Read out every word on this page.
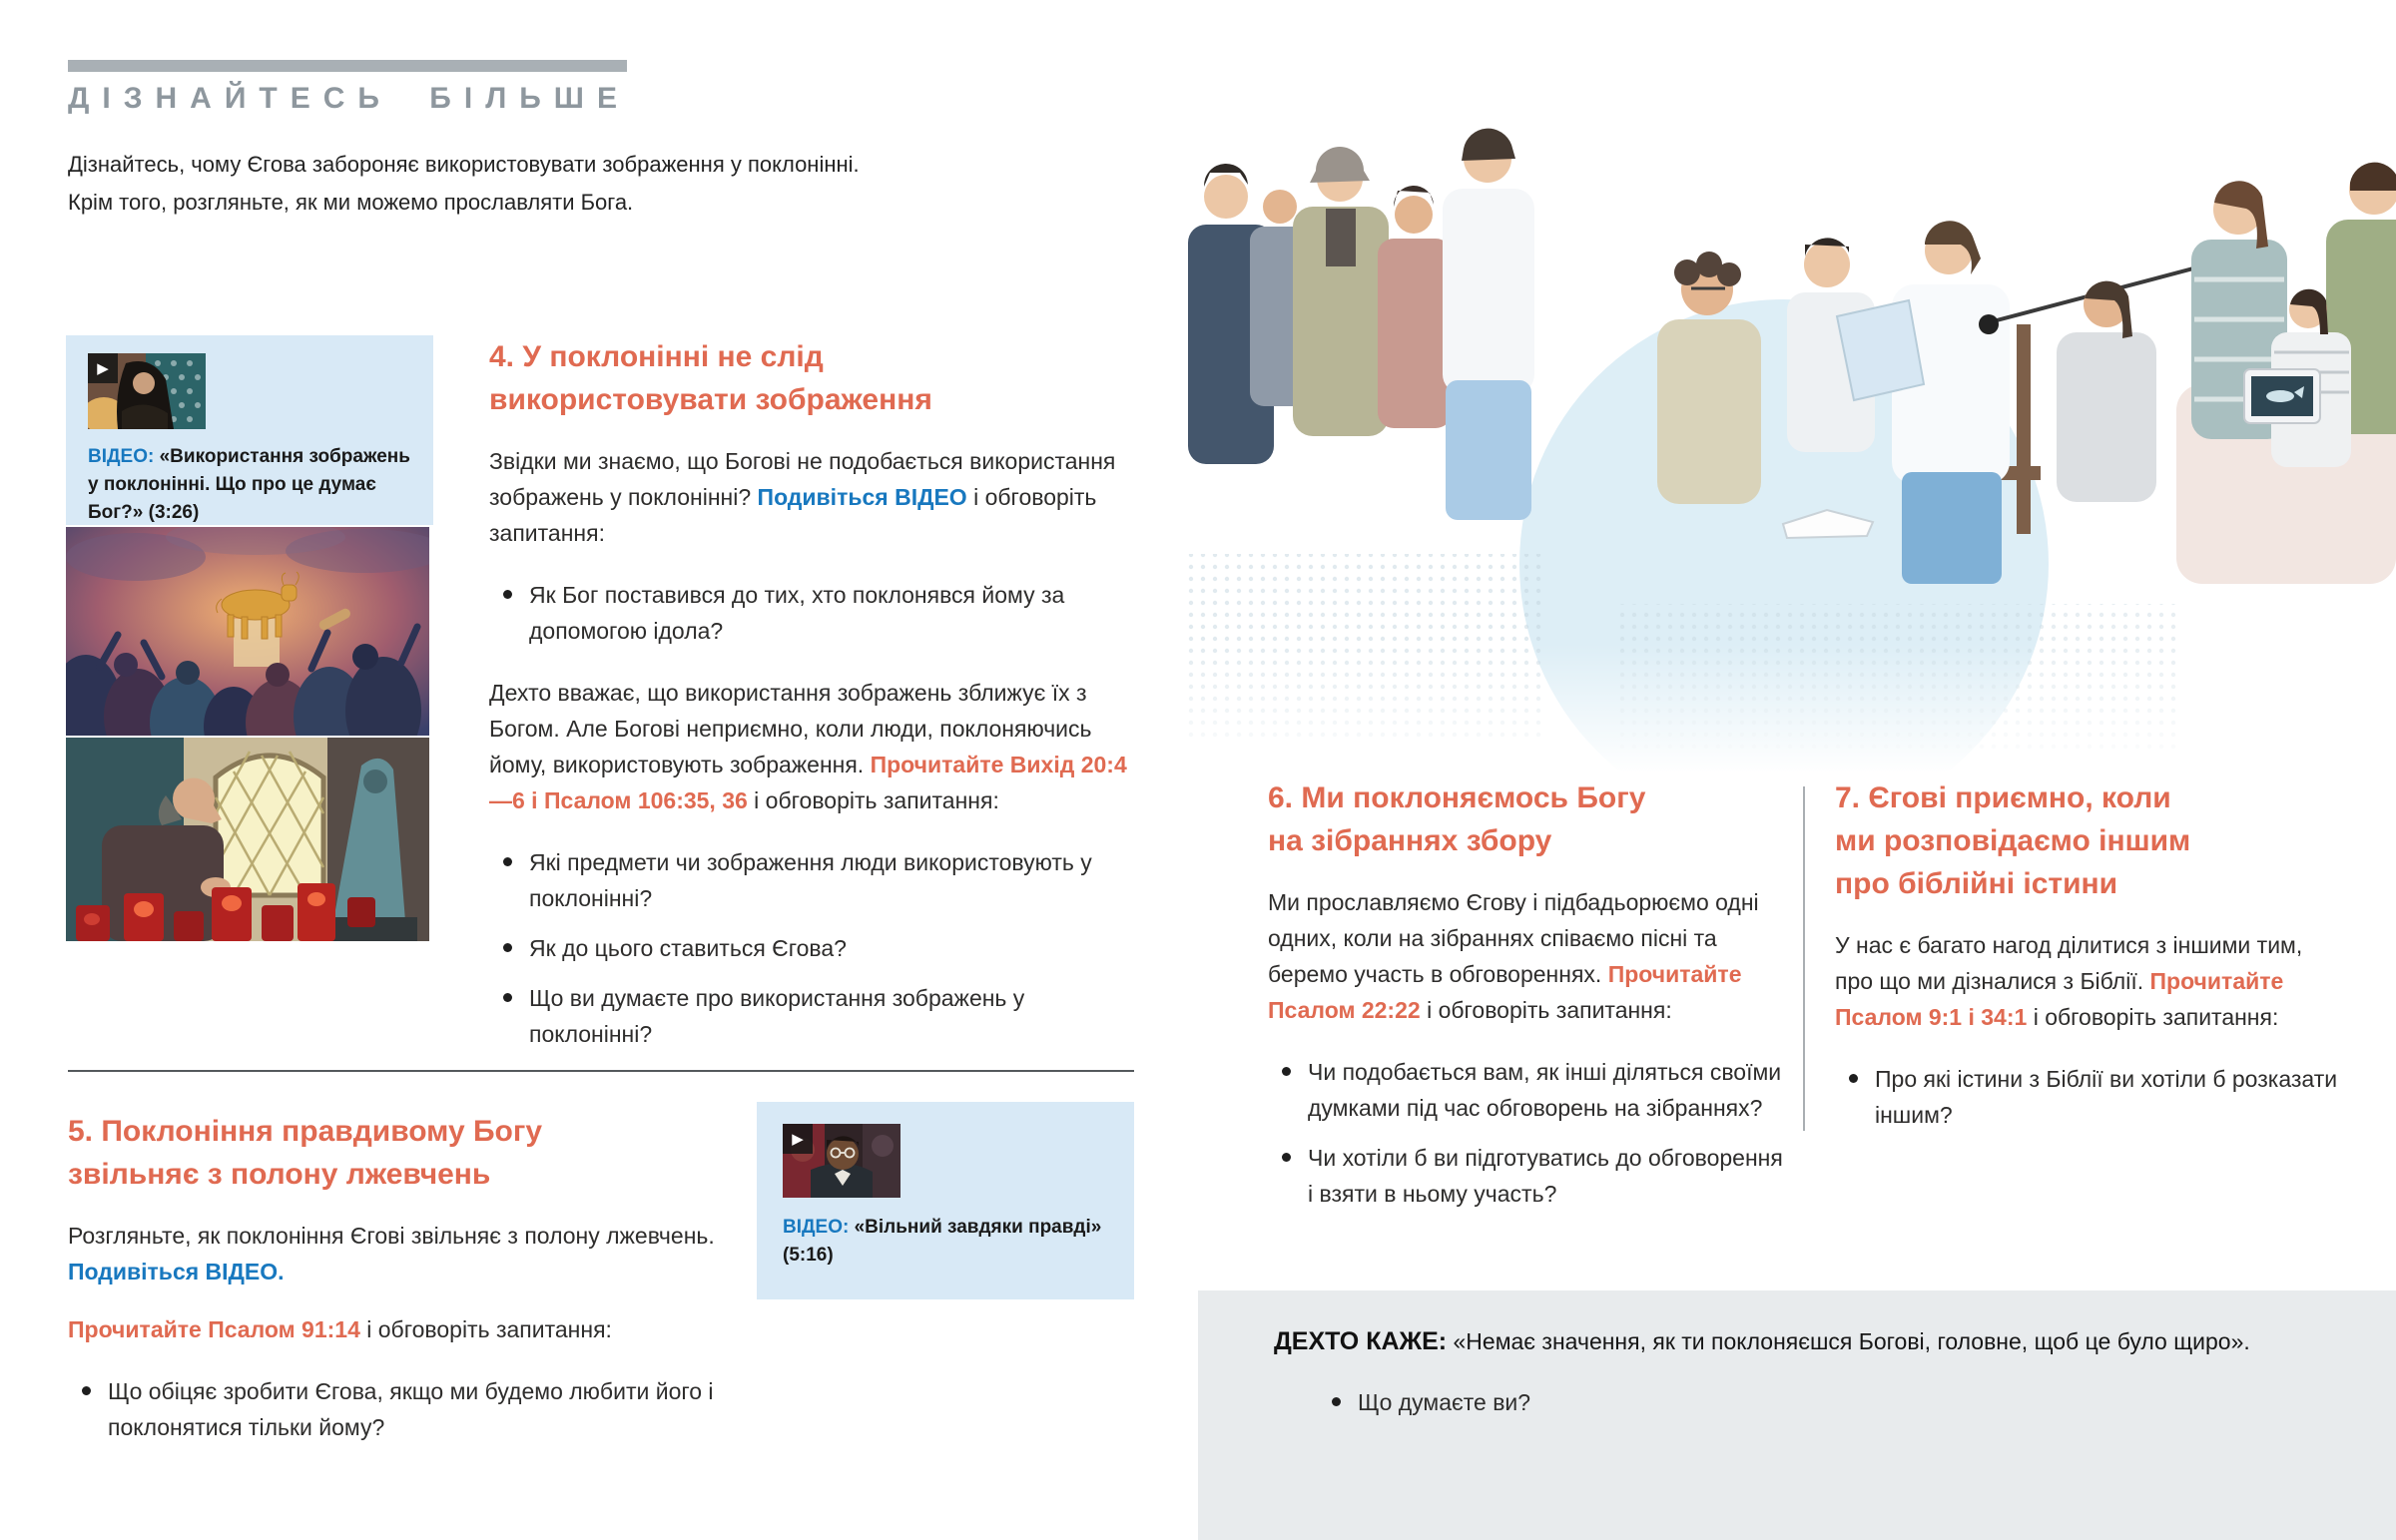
ДІЗНАЙТЕСЬ БІЛЬШЕ
Дізнайтесь, чому Єгова забороняє використовувати зображення у поклонінні.
Крім того, розгляньте, як ми можемо прославляти Бога.
▶
ВІДЕО: «Використання зображень у поклонінні. Що про це думає Бог?» (3:26)
4. У поклонінні не слід
використовувати зображення

Звідки ми знаємо, що Богові не подобається використання зображень у поклонінні? Подивіться ВІДЕО і обговоріть запитання:

Як Бог поставився до тих, хто поклонявся йому за допомогою ідола?

Дехто вважає, що використання зображень зближує їх з Богом. Але Богові неприємно, коли люди, поклоняючись йому, використовують зображення. Прочитайте Вихід 20:4—6 і Псалом 106:35, 36 і обговоріть запитання:

Які предмети чи зображення люди використовують у поклонінні?
Як до цього ставиться Єгова?
Що ви думаєте про використання зображень у поклонінні?
6. Ми поклоняємось Богу
на зібраннях збору

Ми прославляємо Єгову і підбадьорюємо одні одних, коли на зібраннях співаємо пісні та беремо участь в обговореннях. Прочитайте Псалом 22:22 і обговоріть запитання:

Чи подобається вам, як інші діляться своїми думками під час обговорень на зібраннях?
Чи хотіли б ви підготуватись до обговорення і взяти в ньому участь?
7. Єгові приємно, коли
ми розповідаємо іншим
про біблійні істини

У нас є багато нагод ділитися з іншими тим, про що ми дізналися з Біблії. Прочитайте Псалом 9:1 і 34:1 і обговоріть запитання:

Про які істини з Біблії ви хотіли б розказати іншим?
5. Поклоніння правдивому Богу
звільняє з полону лжевчень

Розгляньте, як поклоніння Єгові звільняє з полону лжевчень. Подивіться ВІДЕО.

Прочитайте Псалом 91:14 і обговоріть запитання:

Що обіцяє зробити Єгова, якщо ми будемо любити його і поклонятися тільки йому?
▶
ВІДЕО: «Вільний завдяки правді» (5:16)
ДЕХТО КАЖЕ: «Немає значення, як ти поклоняєшся Богові, головне, щоб це було щиро».
Що думаєте ви?
